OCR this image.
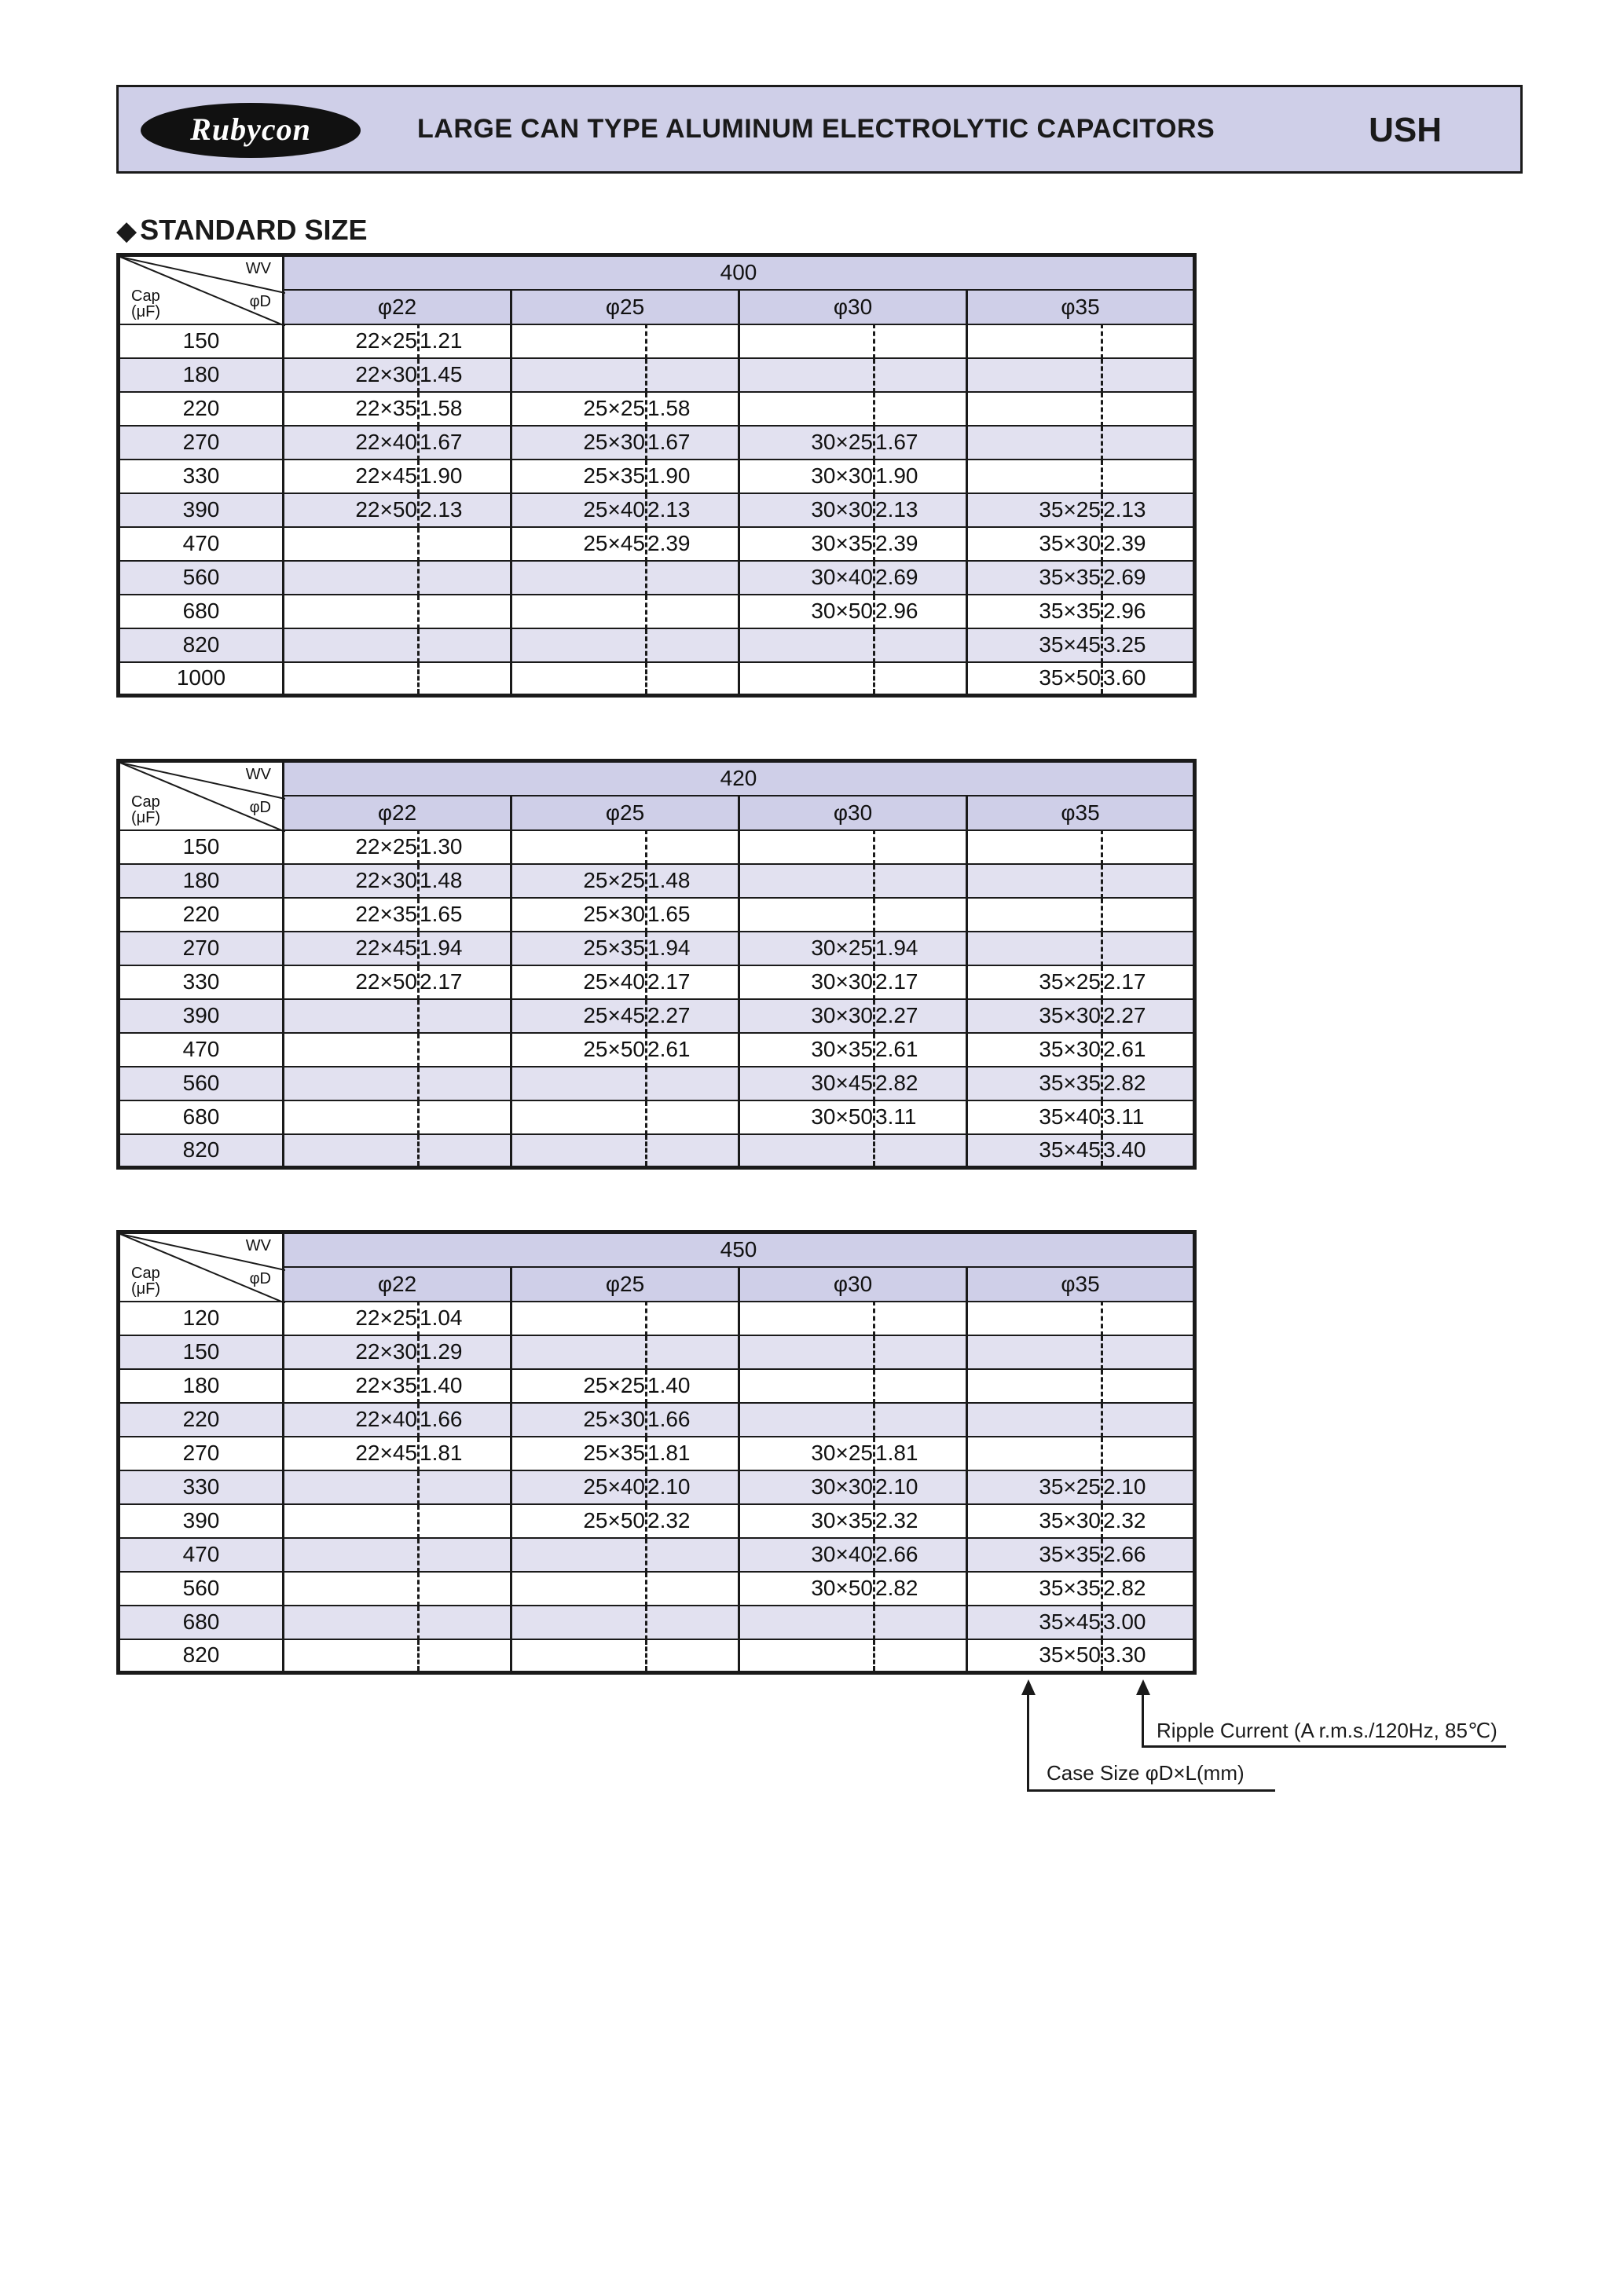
Rubycon	LARGE CAN TYPE ALUMINUM ELECTROLYTIC CAPACITORS	USH
◆ STANDARD SIZE
WV
φD
Cap
(μF)	400							
	φ22		φ25		φ30		φ35	
150	22×25	1.21						
180	22×30	1.45						
220	22×35	1.58	25×25	1.58				
270	22×40	1.67	25×30	1.67	30×25	1.67		
330	22×45	1.90	25×35	1.90	30×30	1.90		
390	22×50	2.13	25×40	2.13	30×30	2.13	35×25	2.13
470			25×45	2.39	30×35	2.39	35×30	2.39
560					30×40	2.69	35×35	2.69
680					30×50	2.96	35×35	2.96
820							35×45	3.25
1000							35×50	3.60
WV
φD
Cap
(μF)	420							
	φ22		φ25		φ30		φ35	
150	22×25	1.30						
180	22×30	1.48	25×25	1.48				
220	22×35	1.65	25×30	1.65				
270	22×45	1.94	25×35	1.94	30×25	1.94		
330	22×50	2.17	25×40	2.17	30×30	2.17	35×25	2.17
390			25×45	2.27	30×30	2.27	35×30	2.27
470			25×50	2.61	30×35	2.61	35×30	2.61
560					30×45	2.82	35×35	2.82
680					30×50	3.11	35×40	3.11
820							35×45	3.40
WV
φD
Cap
(μF)	450							
	φ22		φ25		φ30		φ35	
120	22×25	1.04						
150	22×30	1.29						
180	22×35	1.40	25×25	1.40				
220	22×40	1.66	25×30	1.66				
270	22×45	1.81	25×35	1.81	30×25	1.81		
330			25×40	2.10	30×30	2.10	35×25	2.10
390			25×50	2.32	30×35	2.32	35×30	2.32
470					30×40	2.66	35×35	2.66
560					30×50	2.82	35×35	2.82
680							35×45	3.00
820							35×50	3.30
Ripple Current (A r.m.s./120Hz, 85℃)
Case Size φD×L(mm)
